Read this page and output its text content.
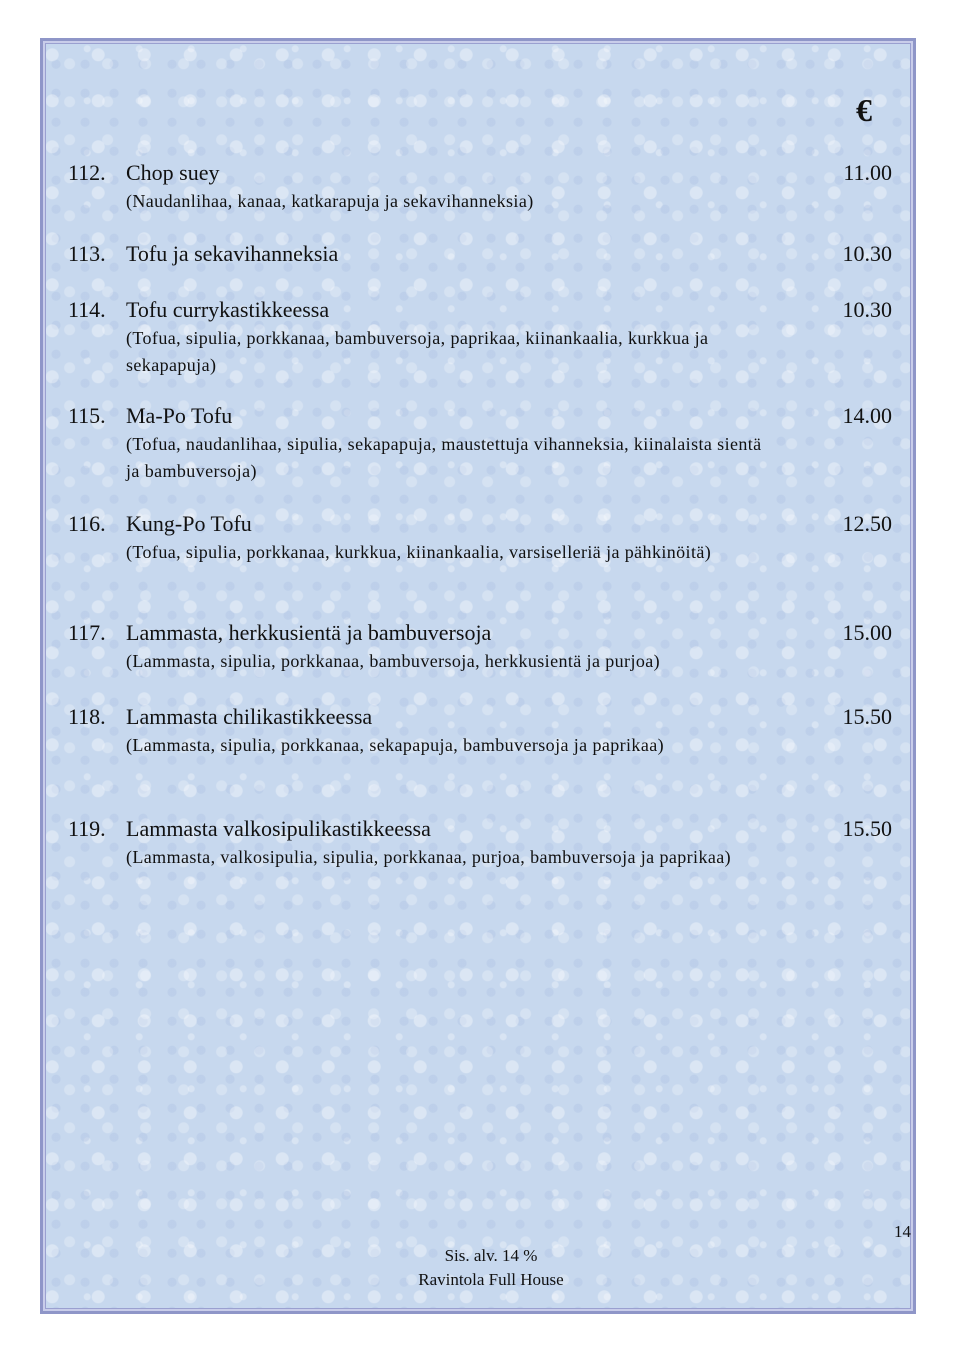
€
112. Chop suey	11.00
(Naudanlihaa, kanaa, katkarapuja ja sekavihanneksia)
113. Tofu ja sekavihanneksia	10.30
114. Tofu currykastikkeessa	10.30
(Tofua, sipulia, porkkanaa, bambuversoja, paprikaa, kiinankaalia, kurkkua ja sekapapuja)
115. Ma-Po Tofu	14.00
(Tofua, naudanlihaa, sipulia, sekapapuja, maustettuja vihanneksia, kiinalaista sientä ja bambuversoja)
116. Kung-Po Tofu	12.50
(Tofua, sipulia, porkkanaa, kurkkua, kiinankaalia, varsiselleriä ja pähkinöitä)
117. Lammasta, herkkusientä ja bambuversoja	15.00
(Lammasta, sipulia, porkkanaa, bambuversoja, herkkusientä ja purjoa)
118. Lammasta chilikastikkeessa	15.50
(Lammasta, sipulia, porkkanaa, sekapapuja, bambuversoja ja paprikaa)
119. Lammasta valkosipulikastikkeessa	15.50
(Lammasta, valkosipulia, sipulia, porkkanaa, purjoa, bambuversoja ja paprikaa)
Sis. alv. 14 %
Ravintola Full House
14
